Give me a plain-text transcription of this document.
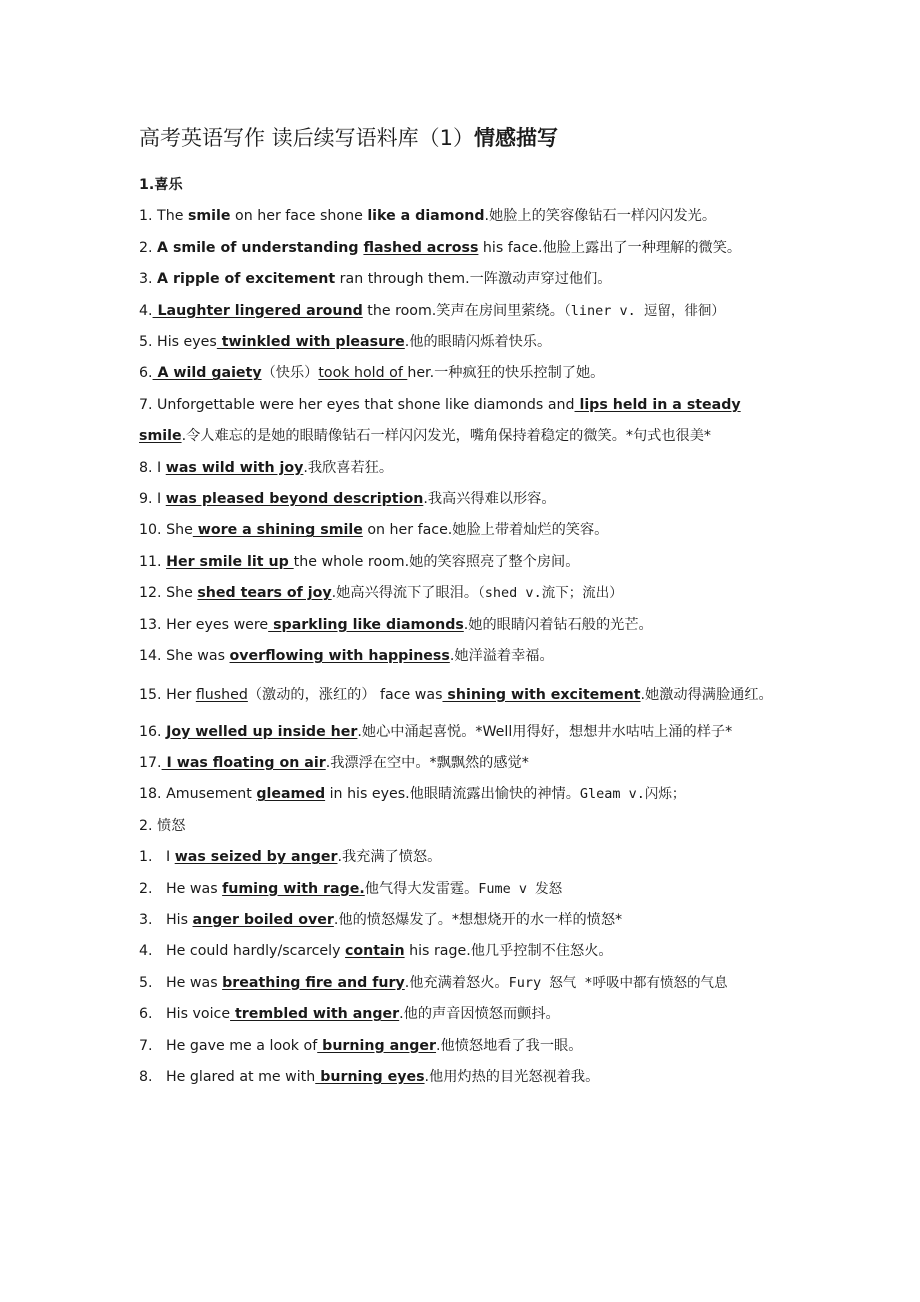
高考英语写作 读后续写语料库（1）情感描写

1.喜乐

1. The smile on her face shone like a diamond.她脸上的笑容像钻石一样闪闪发光。

2. A smile of understanding flashed across his face.他脸上露出了一种理解的微笑。

3. A ripple of excitement ran through them.一阵激动声穿过他们。

4. Laughter lingered around the room.笑声在房间里萦绕。（liner v. 逗留，徘徊）

5. His eyes twinkled with pleasure.他的眼睛闪烁着快乐。

6. A wild gaiety（快乐）took hold of her.一种疯狂的快乐控制了她。

7. Unforgettable were her eyes that shone like diamonds and lips held in a steady smile.令人难忘的是她的眼睛像钻石一样闪闪发光，嘴角保持着稳定的微笑。*句式也很美*

8. I was wild with joy.我欣喜若狂。

9. I was pleased beyond description.我高兴得难以形容。

10. She wore a shining smile on her face.她脸上带着灿烂的笑容。

11. Her smile lit up the whole room.她的笑容照亮了整个房间。

12. She shed tears of joy.她高兴得流下了眼泪。（shed v.流下；流出）

13. Her eyes were sparkling like diamonds.她的眼睛闪着钻石般的光芒。

14. She was overflowing with happiness.她洋溢着幸福。

15. Her flushed（激动的，涨红的） face was shining with excitement.她激动得满脸通红。

16. Joy welled up inside her.她心中涌起喜悦。*Well用得好，想想井水咕咕上涌的样子*

17. I was floating on air.我漂浮在空中。*飘飘然的感觉*

18. Amusement gleamed in his eyes.他眼睛流露出愉快的神情。Gleam v.闪烁；

2. 愤怒

1. I was seized by anger.我充满了愤怒。

2. He was fuming with rage.他气得大发雷霆。Fume v 发怒

3. His anger boiled over.他的愤怒爆发了。*想想烧开的水一样的愤怒*

4. He could hardly/scarcely contain his rage.他几乎控制不住怒火。

5. He was breathing fire and fury.他充满着怒火。Fury 怒气 *呼吸中都有愤怒的气息

6. His voice trembled with anger.他的声音因愤怒而颤抖。

7. He gave me a look of burning anger.他愤怒地看了我一眼。

8. He glared at me with burning eyes.他用灼热的目光怒视着我。
